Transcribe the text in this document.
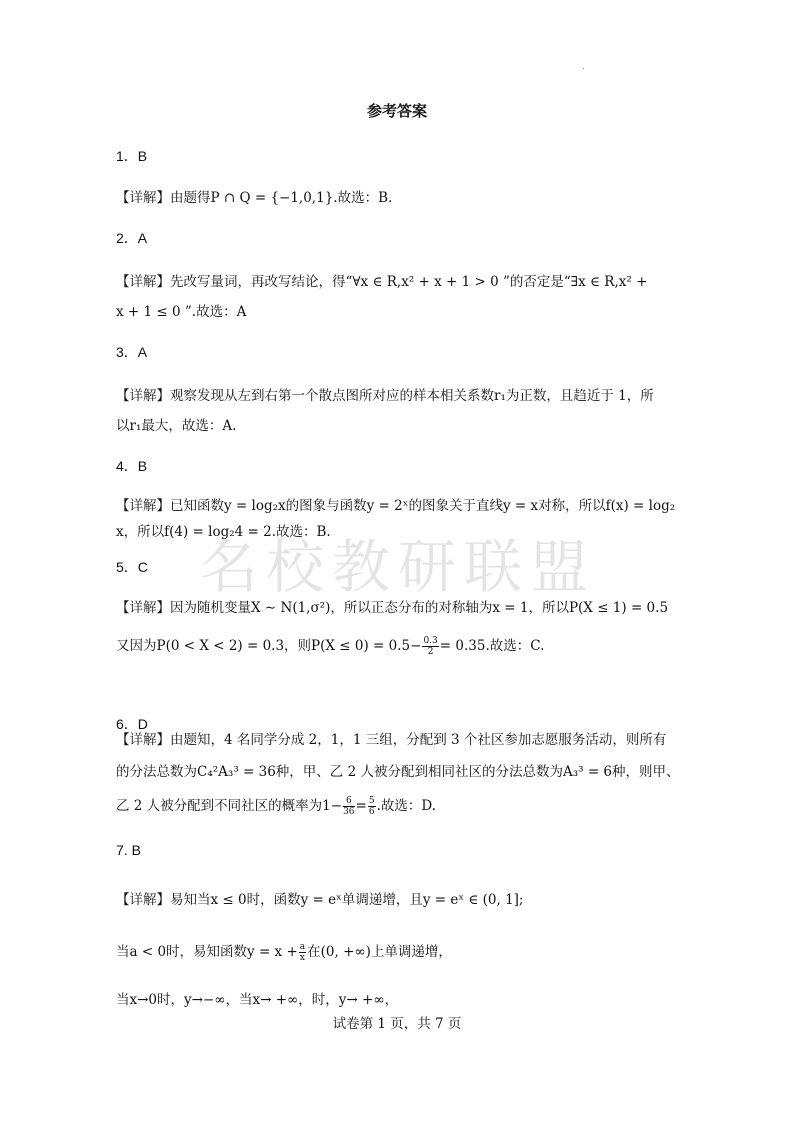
.
参考答案
名校教研联盟
1．B
【详解】由题得P ∩ Q = {−1,0,1}.故选：B.
2．A
【详解】先改写量词，再改写结论，得“∀x ∈ R,x² + x + 1 > 0 ”的否定是“∃x ∈ R,x² +
x + 1 ≤ 0 ”.故选：A
3．A
【详解】观察发现从左到右第一个散点图所对应的样本相关系数r₁为正数，且趋近于 1，所
以r₁最大，故选：A.
4．B
【详解】已知函数y = log₂x的图象与函数y = 2ˣ的图象关于直线y = x对称，所以f(x) = log₂
x，所以f(4) = log₂4 = 2.故选：B.
5．C
【详解】因为随机变量X ∼ N(1,σ²)，所以正态分布的对称轴为x = 1，所以P(X ≤ 1) = 0.5
又因为P(0 < X < 2) = 0.3，则$P(X \le 0) = 0.5- \frac{0.3}{2} = 0.35$.故选：C.
6．D
【详解】由题知，4 名同学分成 2，1，1 三组，分配到 3 个社区参加志愿服务活动，则所有
的分法总数为C₄²A₃³ = 36种，甲、乙 2 人被分配到相同社区的分法总数为A₃³ = 6种，则甲、
乙 2 人被分配到不同社区的概率为$1- \frac{6}{36} = \frac{5}{6}$ .故选：D.
7. B
【详解】易知当x ≤ 0时，函数y = eˣ单调递增，且y = eˣ ∈ (0, 1];
当a < 0时，易知函数$y = x + \frac{a}{x}$ 在(0, +∞)上单调递增，
当x→0时，y→−∞，当x→ +∞，时，y→ +∞，
试卷第 1 页，共 7 页
